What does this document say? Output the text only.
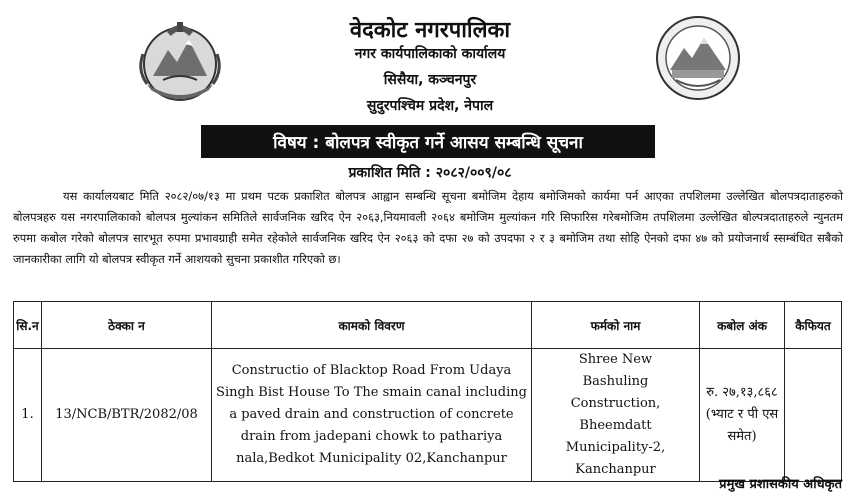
वेदकोट नगरपालिका
नगर कार्यपालिकाको कार्यालय
सिसैया, कञ्चनपुर
सुदुरपश्चिम प्रदेश, नेपाल
विषय : बोलपत्र स्वीकृत गर्ने आसय सम्बन्धि सूचना
प्रकाशित मिति : २०८२/००९/०८

यस कार्यालयबाट मिति २०८२/०७/१३ मा प्रथम पटक प्रकाशित बोलपत्र आह्वान सम्बन्धि सूचना बमोजिम देहाय बमोजिमको कार्यमा पर्न आएका तपशिलमा उल्लेखित बोलपत्रदाताहरुको बोलपत्रहरु यस नगरपालिकाको बोलपत्र मुल्यांकन समितिले सार्वजनिक खरिद ऐन २०६३,नियमावली २०६४ बमोजिम मुल्यांकन गरि सिफारिस गरेबमोजिम तपशिलमा उल्लेखित बोल्पत्रदाताहरुले न्युनतम रुपमा कबोल गरेको बोलपत्र सारभूत रुपमा प्रभावग्राही समेत रहेकोले सार्वजनिक खरिद ऐन २०६३ को दफा २७ को उपदफा २ र ३ बमोजिम तथा सोहि ऐनको दफा ४७ को प्रयोजनार्थ स्सम्बंधित सबैको जानकारीका लागि यो बोलपत्र स्वीकृत गर्ने आशयको सुचना प्रकाशीत गरिएको छ।

सि.न	ठेक्का न	कामको विवरण	फर्मको नाम	कबोल अंक	कैफियत
1.	13/NCB/BTR/2082/08	Constructio of Blacktop Road From Udaya Singh Bist House To The smain canal including a paved drain and construction of concrete drain from jadepani chowk to pathariya nala,Bedkot Municipality 02,Kanchanpur	Shree New Bashuling Construction, Bheemdatt Municipality-2, Kanchanpur	रु. २७,१३,८६८
(भ्याट र पी एस समेत)	

प्रमुख प्रशासकीय अधिकृत
